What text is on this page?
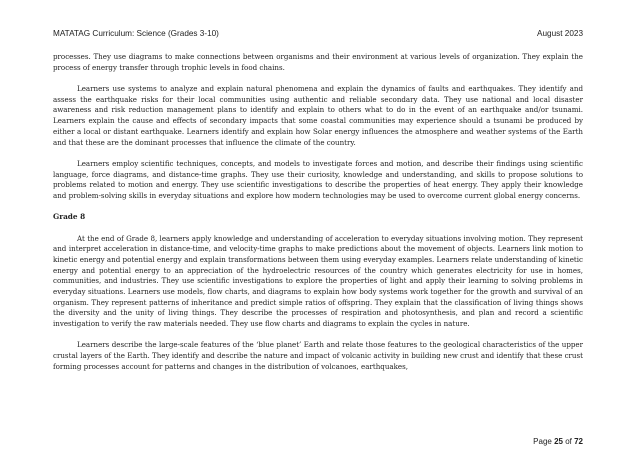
MATATAG Curriculum: Science (Grades 3-10)	August 2023

processes. They use diagrams to make connections between organisms and their environment at various levels of organization. They explain the process of energy transfer through trophic levels in food chains.

Learners use systems to analyze and explain natural phenomena and explain the dynamics of faults and earthquakes. They identify and assess the earthquake risks for their local communities using authentic and reliable secondary data. They use national and local disaster awareness and risk reduction management plans to identify and explain to others what to do in the event of an earthquake and/or tsunami. Learners explain the cause and effects of secondary impacts that some coastal communities may experience should a tsunami be produced by either a local or distant earthquake. Learners identify and explain how Solar energy influences the atmosphere and weather systems of the Earth and that these are the dominant processes that influence the climate of the country.

Learners employ scientific techniques, concepts, and models to investigate forces and motion, and describe their findings using scientific language, force diagrams, and distance-time graphs. They use their curiosity, knowledge and understanding, and skills to propose solutions to problems related to motion and energy. They use scientific investigations to describe the properties of heat energy. They apply their knowledge and problem-solving skills in everyday situations and explore how modern technologies may be used to overcome current global energy concerns.

Grade 8

At the end of Grade 8, learners apply knowledge and understanding of acceleration to everyday situations involving motion. They represent and interpret acceleration in distance-time, and velocity-time graphs to make predictions about the movement of objects. Learners link motion to kinetic energy and potential energy and explain transformations between them using everyday examples. Learners relate understanding of kinetic energy and potential energy to an appreciation of the hydroelectric resources of the country which generates electricity for use in homes, communities, and industries. They use scientific investigations to explore the properties of light and apply their learning to solving problems in everyday situations. Learners use models, flow charts, and diagrams to explain how body systems work together for the growth and survival of an organism. They represent patterns of inheritance and predict simple ratios of offspring. They explain that the classification of living things shows the diversity and the unity of living things. They describe the processes of respiration and photosynthesis, and plan and record a scientific investigation to verify the raw materials needed. They use flow charts and diagrams to explain the cycles in nature.

Learners describe the large-scale features of the ‘blue planet’ Earth and relate those features to the geological characteristics of the upper crustal layers of the Earth. They identify and describe the nature and impact of volcanic activity in building new crust and identify that these crust forming processes account for patterns and changes in the distribution of volcanoes, earthquakes,

Page 25 of 72
